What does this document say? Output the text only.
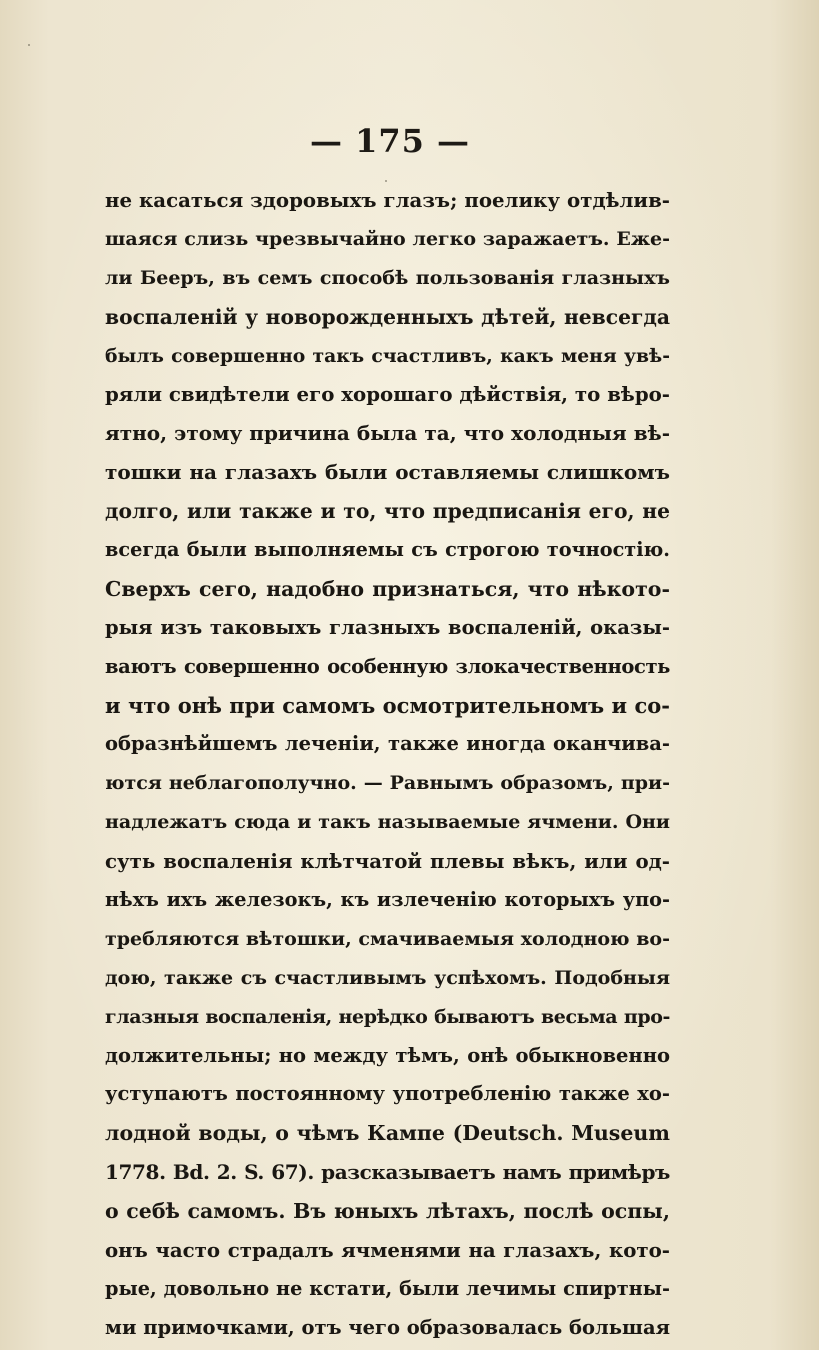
— 175 —
не касаться здоровыхъ глазъ; поелику отдѣлив-
шаяся слизь чрезвычайно легко заражаетъ. Еже-
ли Бееръ, въ семъ способѣ пользованія глазныхъ
воспаленій у новорожденныхъ дѣтей, невсегда
былъ совершенно такъ счастливъ, какъ меня увѣ-
ряли свидѣтели его хорошаго дѣйствія, то вѣро-
ятно, этому причина была та, что холодныя вѣ-
тошки на глазахъ были оставляемы слишкомъ
долго, или также и то, что предписанія его, не
всегда были выполняемы съ строгою точностію.
Сверхъ сего, надобно признаться, что нѣкото-
рыя изъ таковыхъ глазныхъ воспаленій, оказы-
ваютъ совершенно особенную злокачественность
и что онѣ при самомъ осмотрительномъ и со-
образнѣйшемъ леченіи, также иногда оканчива-
ются неблагополучно. — Равнымъ образомъ, при-
надлежатъ сюда и такъ называемые ячмени. Они
суть воспаленія клѣтчатой плевы вѣкъ, или од-
нѣхъ ихъ железокъ, къ излеченію которыхъ упо-
требляются вѣтошки, смачиваемыя холодною во-
дою, также съ счастливымъ успѣхомъ. Подобныя
глазныя воспаленія, нерѣдко бываютъ весьма про-
должительны; но между тѣмъ, онѣ обыкновенно
уступаютъ постоянному употребленію также хо-
лодной воды, о чѣмъ Кампе (Deutsch. Museum
1778. Bd. 2. S. 67). разсказываетъ намъ примѣръ
о себѣ самомъ. Въ юныхъ лѣтахъ, послѣ оспы,
онъ часто страдалъ ячменями на глазахъ, кото-
рые, довольно не кстати, были лечимы спиртны-
ми примочками, отъ чего образовалась большая
